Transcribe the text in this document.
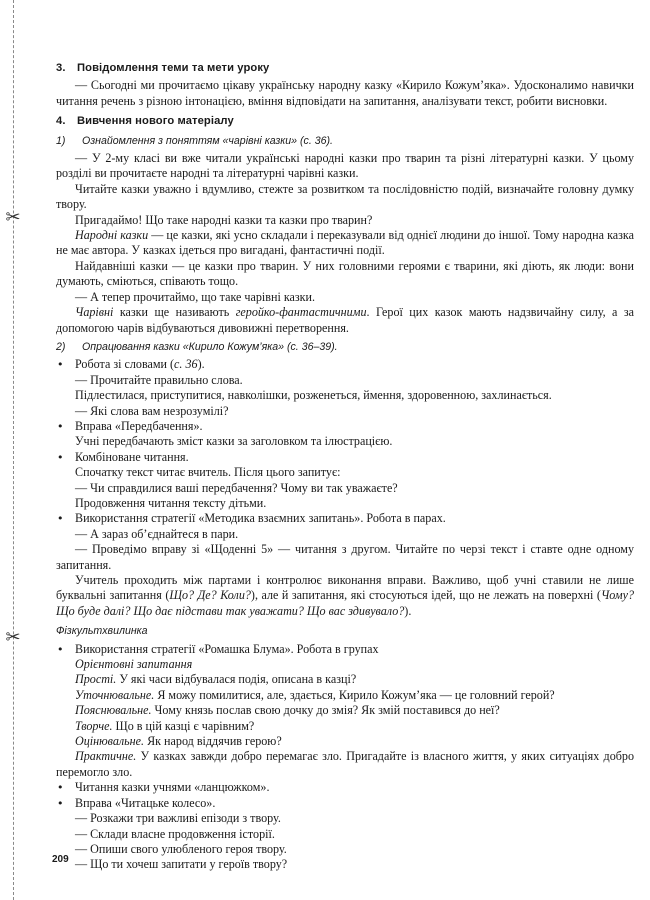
✂
✂
3.	Повідомлення теми та мети уроку

— Сьогодні ми прочитаємо цікаву українську народну казку «Кирило Кожум’яка». Удосконалимо навички читання речень з різною інтонацією, вміння відповідати на запитання, аналізувати текст, робити висновки.

4.	Вивчення нового матеріалу
1)	Ознайомлення з поняттям «чарівні казки» (с. 36).

— У 2-му класі ви вже читали українські народні казки про тварин та різні літературні казки. У цьому розділі ви прочитаєте народні та літературні чарівні казки.

Читайте казки уважно і вдумливо, стежте за розвитком та послідовністю подій, визначайте головну думку твору.

Пригадаймо! Що таке народні казки та казки про тварин?

Народні казки — це казки, які усно складали і переказували від однієї людини до іншої. Тому народна казка не має автора. У казках ідеться про вигадані, фантастичні події.

Найдавніші казки — це казки про тварин. У них головними героями є тварини, які діють, як люди: вони думають, сміються, співають тощо.

— А тепер прочитаймо, що таке чарівні казки.

Чарівні казки ще називають геройко-фантастичними. Герої цих казок мають надзвичайну силу, а за допомогою чарів відбуваються дивовижні перетворення.

2)	Опрацювання казки «Кирило Кожум’яка» (с. 36–39).

• Робота зі словами (с. 36).

— Прочитайте правильно слова.

Підлестилася, приступитися, навколішки, розженеться, ймення, здоровенною, захлинається.

— Які слова вам незрозумілі?

• Вправа «Передбачення».

Учні передбачають зміст казки за заголовком та ілюстрацією.

• Комбіноване читання.

Спочатку текст читає вчитель. Після цього запитує:

— Чи справдилися ваші передбачення? Чому ви так уважаєте?

Продовження читання тексту дітьми.

• Використання стратегії «Методика взаємних запитань». Робота в парах.

— А зараз об’єднайтеся в пари.

— Проведімо вправу зі «Щоденні 5» — читання з другом. Читайте по черзі текст і ставте одне одному запитання.

Учитель проходить між партами і контролює виконання вправи. Важливо, щоб учні ставили не лише буквальні запитання (Що? Де? Коли?), але й запитання, які стосуються ідей, що не лежать на поверхні (Чому? Що буде далі? Що дає підстави так уважати? Що вас здивувало?).

Фізкультхвилинка

• Використання стратегії «Ромашка Блума». Робота в групах

Орієнтовні запитання

Прості. У які часи відбувалася подія, описана в казці?

Уточнювальне. Я можу помилитися, але, здається, Кирило Кожум’яка — це головний герой?

Пояснювальне. Чому князь послав свою дочку до змія? Як змій поставився до неї?

Творче. Що в цій казці є чарівним?

Оцінювальне. Як народ віддячив герою?

Практичне. У казках завжди добро перемагає зло. Пригадайте із власного життя, у яких ситуаціях добро перемогло зло.

• Читання казки учнями «ланцюжком».

• Вправа «Читацьке колесо».

— Розкажи три важливі епізоди з твору.

— Склади власне продовження історії.

— Опиши свого улюбленого героя твору.

— Що ти хочеш запитати у героїв твору?

209
